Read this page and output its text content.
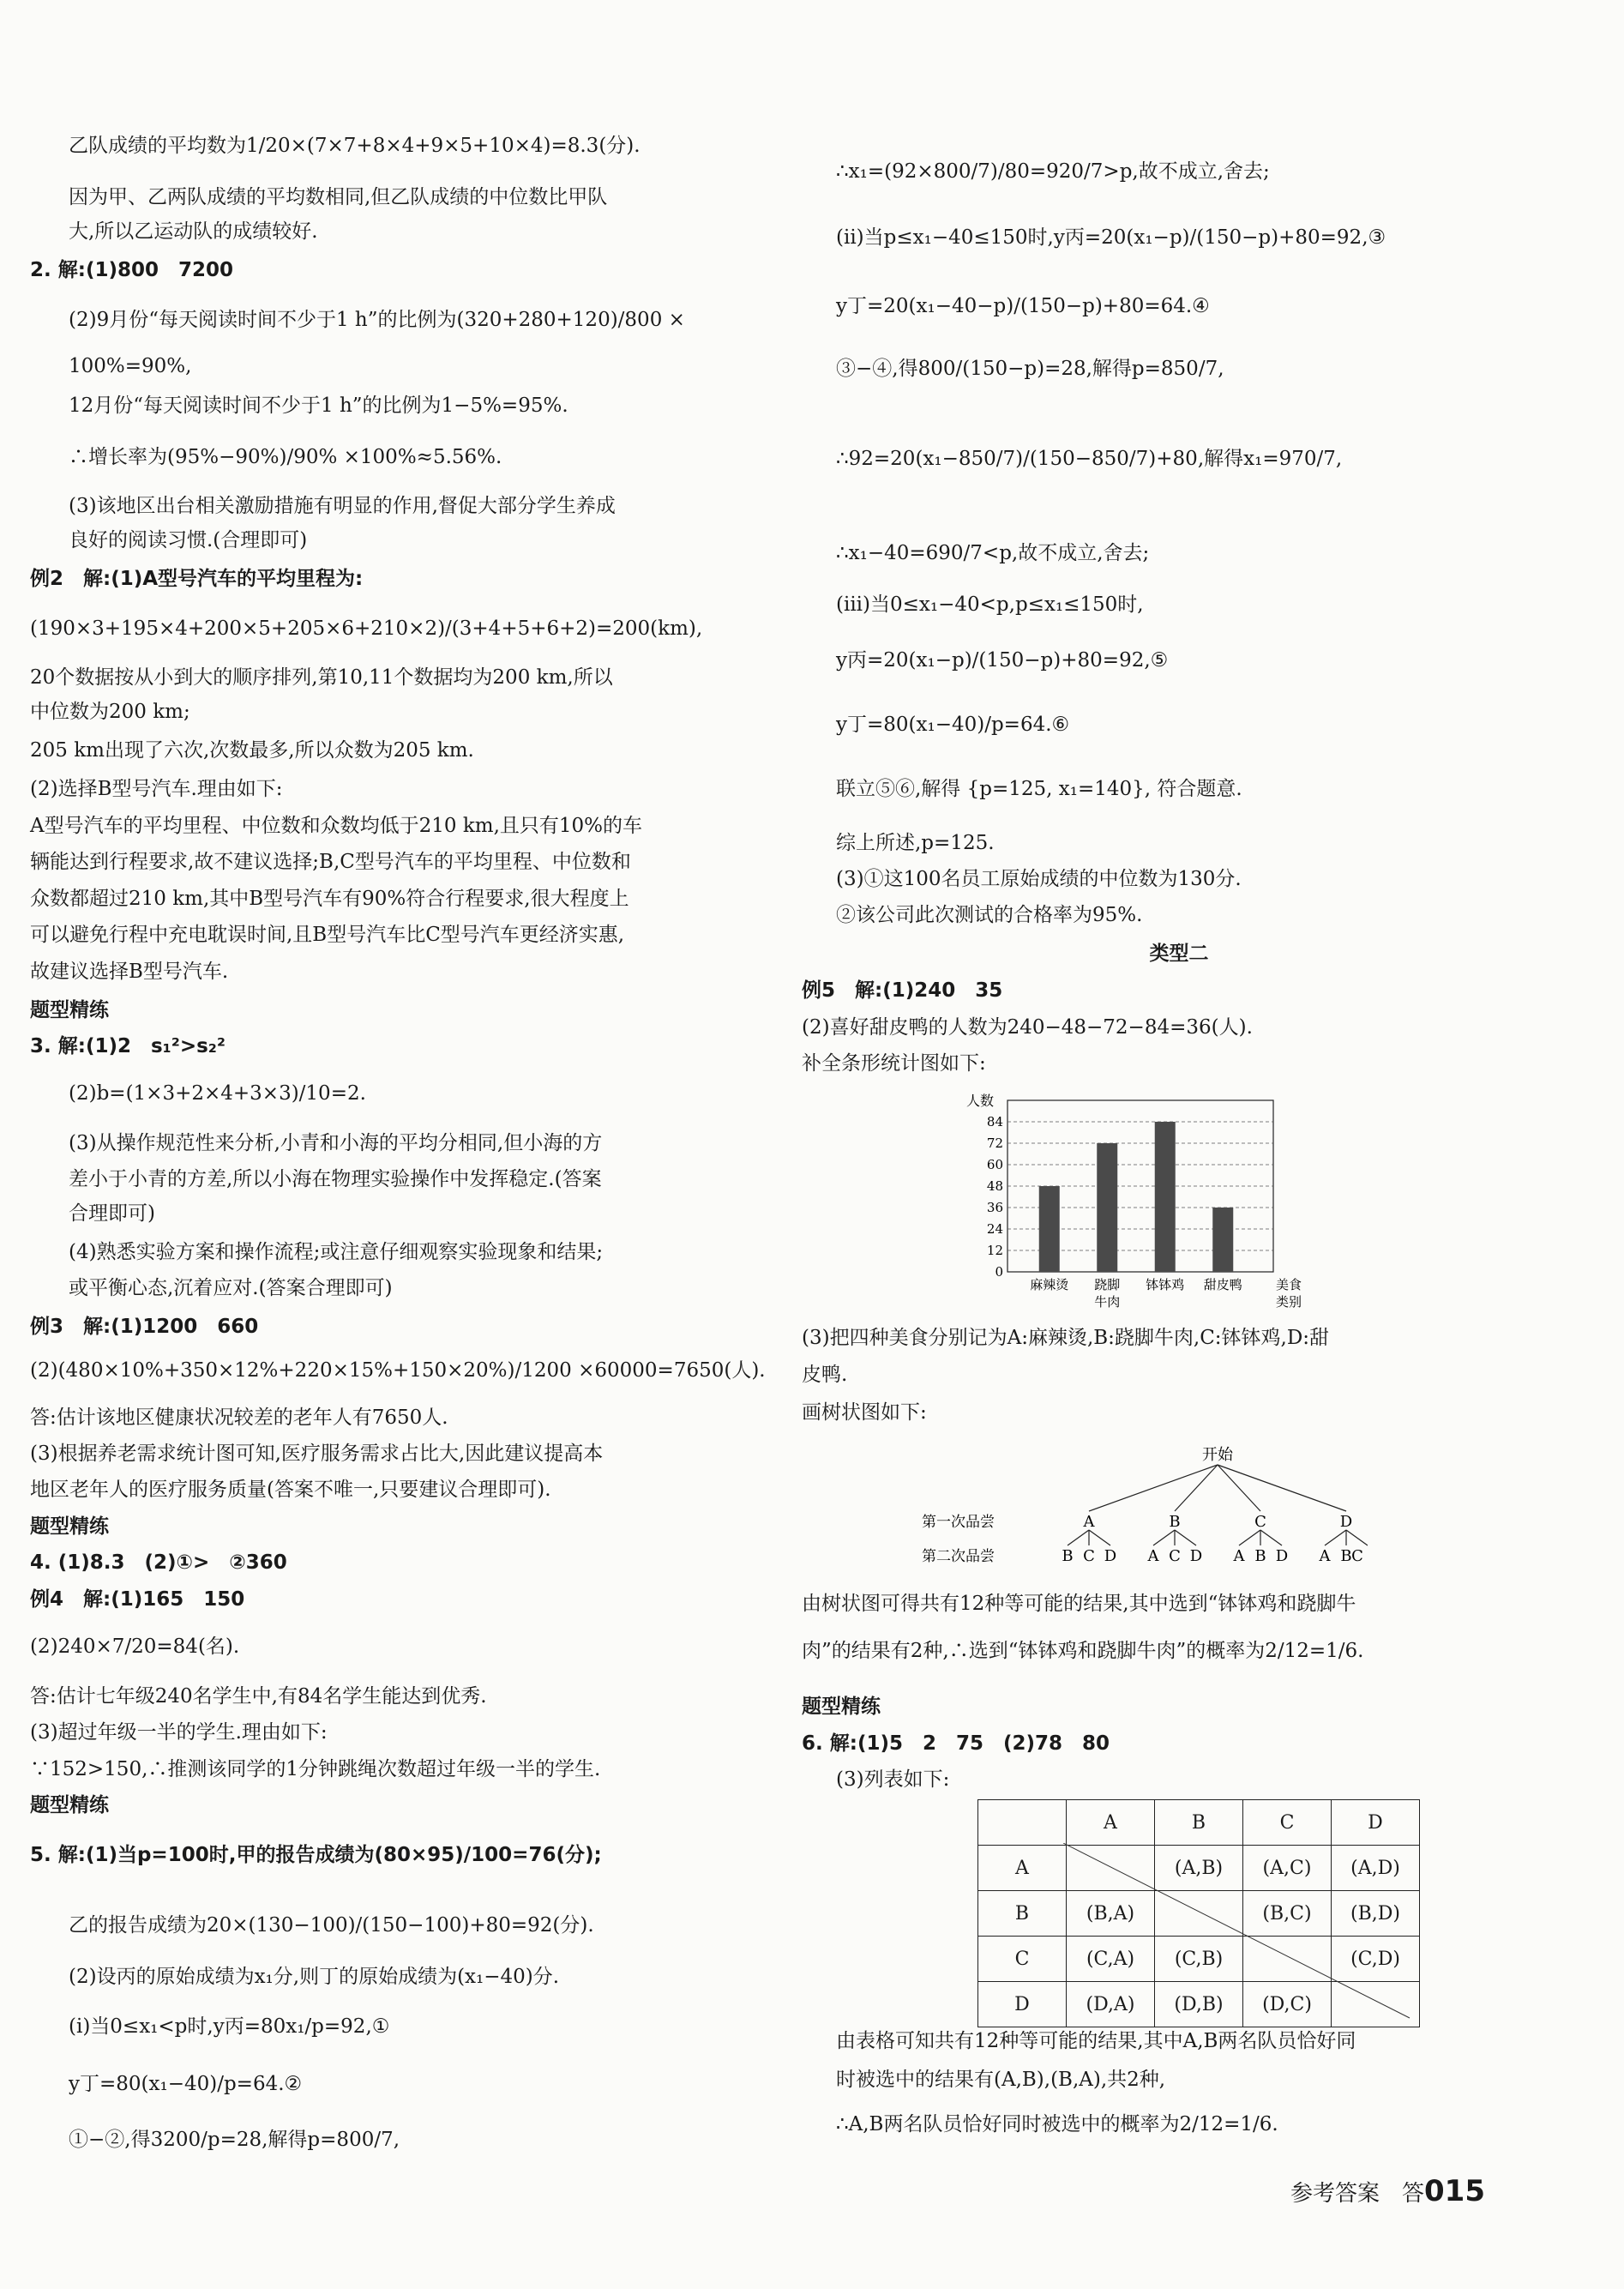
乙队成绩的平均数为1/20×(7×7+8×4+9×5+10×4)=8.3(分).
因为甲、乙两队成绩的平均数相同,但乙队成绩的中位数比甲队
大,所以乙运动队的成绩较好.
2. 解:(1)800　7200
(2)9月份“每天阅读时间不少于1 h”的比例为(320+280+120)/800 ×
100%=90%,
12月份“每天阅读时间不少于1 h”的比例为1−5%=95%.
∴增长率为(95%−90%)/90% ×100%≈5.56%.
(3)该地区出台相关激励措施有明显的作用,督促大部分学生养成
良好的阅读习惯.(合理即可)
例2　解:(1)A型号汽车的平均里程为:
(190×3+195×4+200×5+205×6+210×2)/(3+4+5+6+2)=200(km),
20个数据按从小到大的顺序排列,第10,11个数据均为200 km,所以
中位数为200 km;
205 km出现了六次,次数最多,所以众数为205 km.
(2)选择B型号汽车.理由如下:
A型号汽车的平均里程、中位数和众数均低于210 km,且只有10%的车
辆能达到行程要求,故不建议选择;B,C型号汽车的平均里程、中位数和
众数都超过210 km,其中B型号汽车有90%符合行程要求,很大程度上
可以避免行程中充电耽误时间,且B型号汽车比C型号汽车更经济实惠,
故建议选择B型号汽车.
题型精练
3. 解:(1)2　s₁²>s₂²
(2)b=(1×3+2×4+3×3)/10=2.
(3)从操作规范性来分析,小青和小海的平均分相同,但小海的方
差小于小青的方差,所以小海在物理实验操作中发挥稳定.(答案
合理即可)
(4)熟悉实验方案和操作流程;或注意仔细观察实验现象和结果;
或平衡心态,沉着应对.(答案合理即可)
例3　解:(1)1200　660
(2)(480×10%+350×12%+220×15%+150×20%)/1200 ×60000=7650(人).
答:估计该地区健康状况较差的老年人有7650人.
(3)根据养老需求统计图可知,医疗服务需求占比大,因此建议提高本
地区老年人的医疗服务质量(答案不唯一,只要建议合理即可).
题型精练
4. (1)8.3　(2)①>　②360
例4　解:(1)165　150
(2)240×7/20=84(名).
答:估计七年级240名学生中,有84名学生能达到优秀.
(3)超过年级一半的学生.理由如下:
∵152>150,∴推测该同学的1分钟跳绳次数超过年级一半的学生.
题型精练
5. 解:(1)当p=100时,甲的报告成绩为(80×95)/100=76(分);
乙的报告成绩为20×(130−100)/(150−100)+80=92(分).
(2)设丙的原始成绩为x₁分,则丁的原始成绩为(x₁−40)分.
(i)当0≤x₁<p时,y丙=80x₁/p=92,①
y丁=80(x₁−40)/p=64.②
①−②,得3200/p=28,解得p=800/7,
∴x₁=(92×800/7)/80=920/7>p,故不成立,舍去;
(ii)当p≤x₁−40≤150时,y丙=20(x₁−p)/(150−p)+80=92,③
y丁=20(x₁−40−p)/(150−p)+80=64.④
③−④,得800/(150−p)=28,解得p=850/7,
∴92=20(x₁−850/7)/(150−850/7)+80,解得x₁=970/7,
∴x₁−40=690/7<p,故不成立,舍去;
(iii)当0≤x₁−40<p,p≤x₁≤150时,
y丙=20(x₁−p)/(150−p)+80=92,⑤
y丁=80(x₁−40)/p=64.⑥
联立⑤⑥,解得 {p=125, x₁=140}, 符合题意.
综上所述,p=125.
(3)①这100名员工原始成绩的中位数为130分.
②该公司此次测试的合格率为95%.
类型二
例5　解:(1)240　35
(2)喜好甜皮鸭的人数为240−48−72−84=36(人).
补全条形统计图如下:
0
12
24
36
48
60
72
84
人数
麻辣烫 跷脚
牛肉
钵钵鸡 甜皮鸭	美食
类别
(3)把四种美食分别记为A:麻辣烫,B:跷脚牛肉,C:钵钵鸡,D:甜
皮鸭.
画树状图如下:
开始
第一次品尝
第二次品尝
A	B	C	D
B C D A C D A B D A B C
由树状图可得共有12种等可能的结果,其中选到“钵钵鸡和跷脚牛
肉”的结果有2种,∴选到“钵钵鸡和跷脚牛肉”的概率为2/12=1/6.
题型精练
6. 解:(1)5　2　75　(2)78　80
(3)列表如下:
	A	B	C	D
A		(A,B)	(A,C)	(A,D)
B	(B,A)		(B,C)	(B,D)
C	(C,A)	(C,B)		(C,D)
D	(D,A)	(D,B)	(D,C)	
由表格可知共有12种等可能的结果,其中A,B两名队员恰好同
时被选中的结果有(A,B),(B,A),共2种,
∴A,B两名队员恰好同时被选中的概率为2/12=1/6.
参考答案　答015
